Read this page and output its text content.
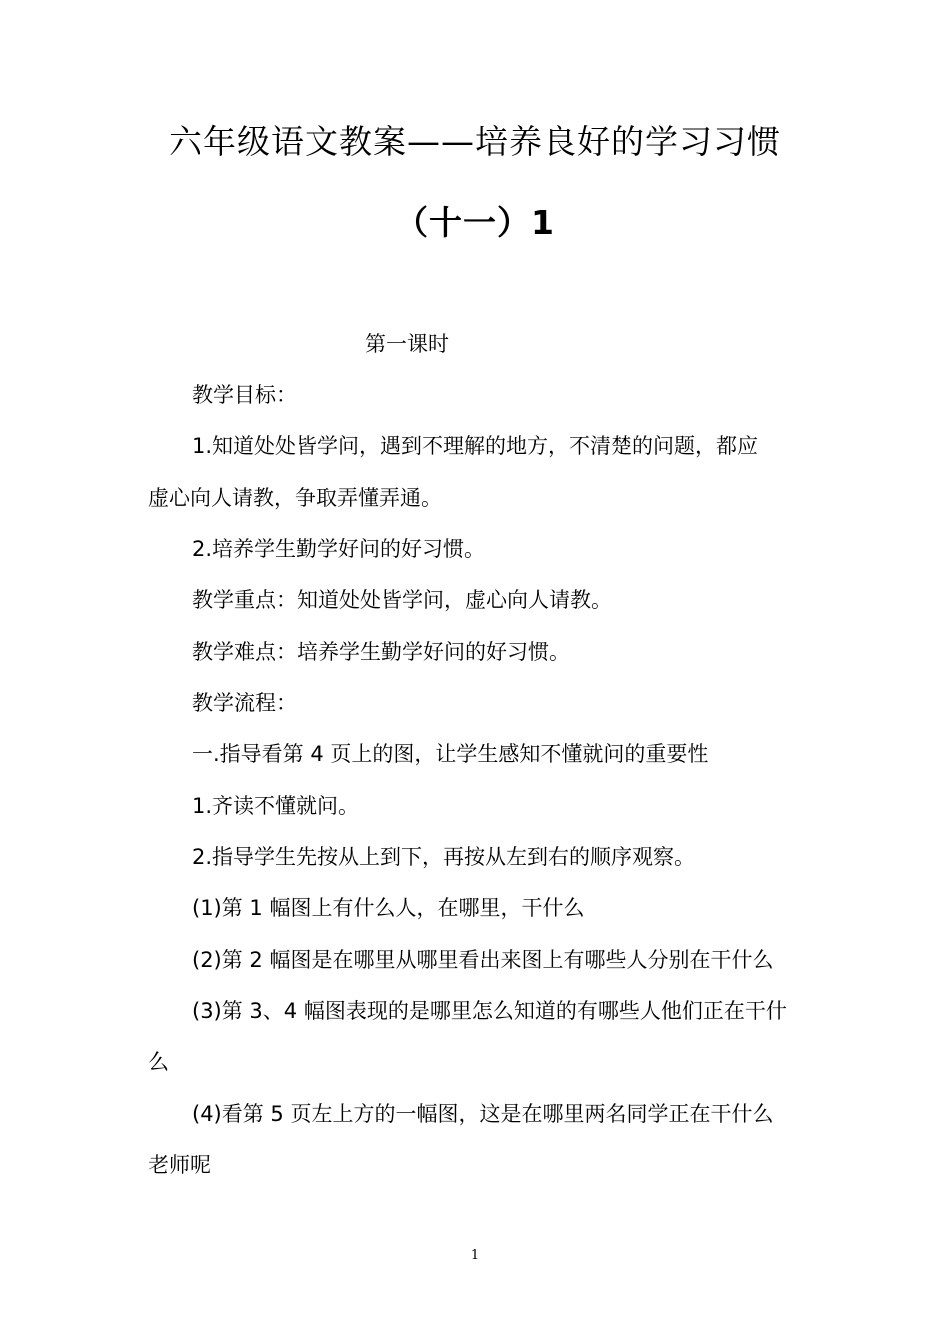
六年级语文教案——培养良好的学习习惯
（十一）1
第一课时
教学目标：
1.知道处处皆学问，遇到不理解的地方，不清楚的问题，都应
虚心向人请教，争取弄懂弄通。
2.培养学生勤学好问的好习惯。
教学重点：知道处处皆学问，虚心向人请教。
教学难点：培养学生勤学好问的好习惯。
教学流程：
一.指导看第 4 页上的图，让学生感知不懂就问的重要性
1.齐读不懂就问。
2.指导学生先按从上到下，再按从左到右的顺序观察。
(1)第 1 幅图上有什么人，在哪里，干什么
(2)第 2 幅图是在哪里从哪里看出来图上有哪些人分别在干什么
(3)第 3、4 幅图表现的是哪里怎么知道的有哪些人他们正在干什
么
(4)看第 5 页左上方的一幅图，这是在哪里两名同学正在干什么
老师呢
1
